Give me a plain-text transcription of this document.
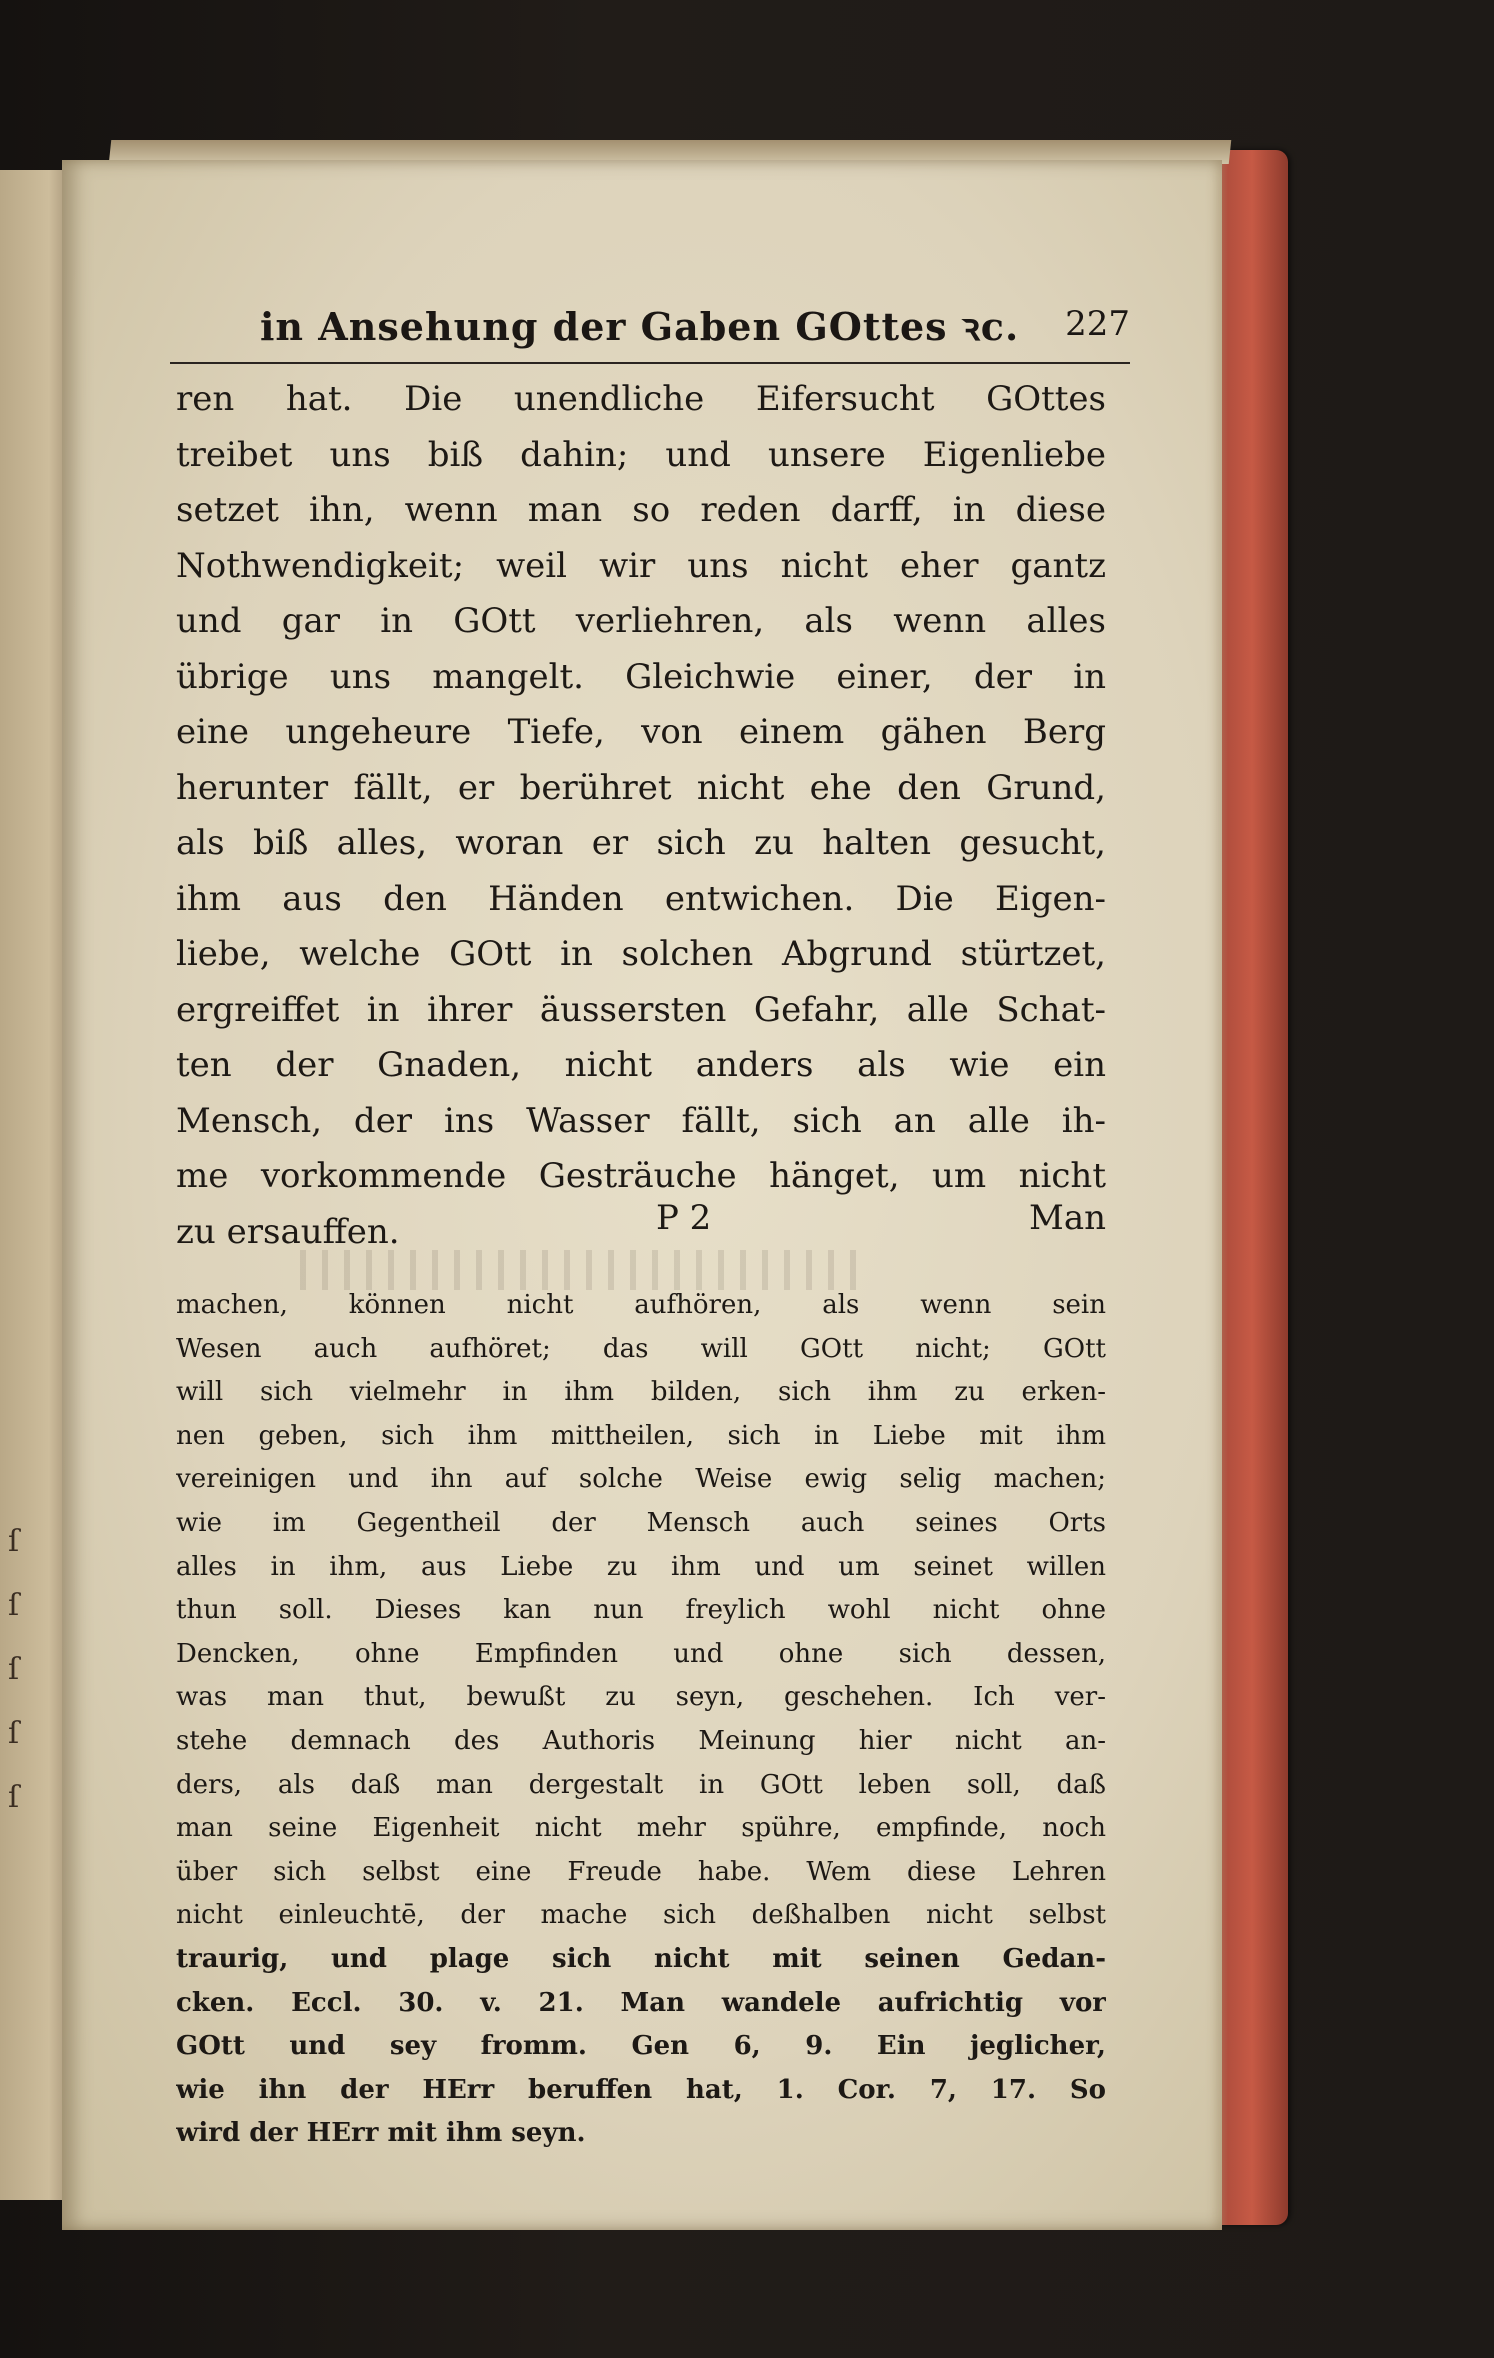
ſ
ſ
ſ
ſ
ſ
in Ansehung der Gaben GOttes ꝛc. 227
ren hat. Die unendliche Eifersucht GOttes
treibet uns biß dahin; und unsere Eigenliebe
setzet ihn, wenn man so reden darff, in diese
Nothwendigkeit; weil wir uns nicht eher gantz
und gar in GOtt verliehren, als wenn alles
übrige uns mangelt. Gleichwie einer, der in
eine ungeheure Tiefe, von einem gähen Berg
herunter fällt, er berühret nicht ehe den Grund,
als biß alles, woran er sich zu halten gesucht,
ihm aus den Händen entwichen. Die Eigen-
liebe, welche GOtt in solchen Abgrund stürtzet,
ergreiffet in ihrer äussersten Gefahr, alle Schat-
ten der Gnaden, nicht anders als wie ein
Mensch, der ins Wasser fällt, sich an alle ih-
me vorkommende Gesträuche hänget, um nicht
zu ersauffen.	P 2	Man
machen, können nicht aufhören, als wenn sein
Wesen auch aufhöret; das will GOtt nicht; GOtt
will sich vielmehr in ihm bilden, sich ihm zu erken-
nen geben, sich ihm mittheilen, sich in Liebe mit ihm
vereinigen und ihn auf solche Weise ewig selig machen;
wie im Gegentheil der Mensch auch seines Orts
alles in ihm, aus Liebe zu ihm und um seinet willen
thun soll. Dieses kan nun freylich wohl nicht ohne
Dencken, ohne Empfinden und ohne sich dessen,
was man thut, bewußt zu seyn, geschehen. Ich ver-
stehe demnach des Authoris Meinung hier nicht an-
ders, als daß man dergestalt in GOtt leben soll, daß
man seine Eigenheit nicht mehr spühre, empfinde, noch
über sich selbst eine Freude habe. Wem diese Lehren
nicht einleuchtē, der mache sich deßhalben nicht selbst
traurig, und plage sich nicht mit seinen Gedan-
cken. Eccl. 30. v. 21. Man wandele aufrichtig vor
GOtt und sey fromm. Gen 6, 9. Ein jeglicher,
wie ihn der HErr beruffen hat, 1. Cor. 7, 17. So
wird der HErr mit ihm seyn.
